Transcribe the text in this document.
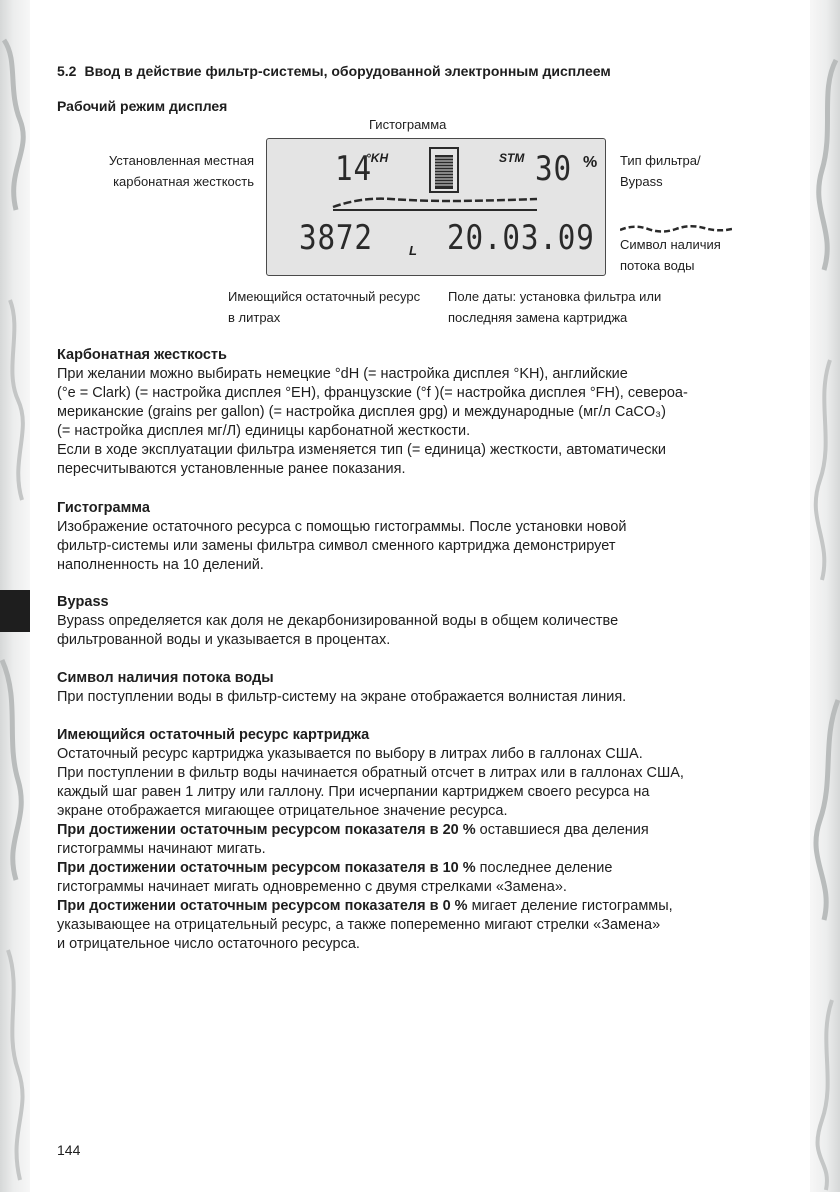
5.2 Ввод в действие фильтр-системы, оборудованной электронным дисплеем
Рабочий режим дисплея
Гистограмма
Установленная местная карбонатная жесткость
Тип фильтра/ Bypass
Символ наличия потока воды
Имеющийся остаточный ресурс в литрах
Поле даты: установка фильтра или последняя замена картриджа
14
°KH	STM 30 %
3872	L 20.03.09

Карбонатная жесткость

При желании можно выбирать немецкие °dH (= настройка дисплея °KH), английские

(°e = Clark) (= настройка дисплея °EH), французские (°f )(= настройка дисплея °FH), североа-

мериканские (grains per gallon) (= настройка дисплея gpg) и международные (мг/л CaCO₃)

(= настройка дисплея мг/Л) единицы карбонатной жесткости.

Если в ходе эксплуатации фильтра изменяется тип (= единица) жесткости, автоматически

пересчитываются установленные ранее показания.

Гистограмма

Изображение остаточного ресурса с помощью гистограммы. После установки новой

фильтр-системы или замены фильтра символ сменного картриджа демонстрирует

наполненность на 10 делений.

Bypass

Bypass определяется как доля не декарбонизированной воды в общем количестве

фильтрованной воды и указывается в процентах.

Символ наличия потока воды

При поступлении воды в фильтр-систему на экране отображается волнистая линия.

Имеющийся остаточный ресурс картриджа

Остаточный ресурс картриджа указывается по выбору в литрах либо в галлонах США.

При поступлении в фильтр воды начинается обратный отсчет в литрах или в галлонах США,

каждый шаг равен 1 литру или галлону. При исчерпании картриджем своего ресурса на

экране отображается мигающее отрицательное значение ресурса.

При достижении остаточным ресурсом показателя в 20 % оставшиеся два деления

гистограммы начинают мигать.

При достижении остаточным ресурсом показателя в 10 % последнее деление

гистограммы начинает мигать одновременно с двумя стрелками «Замена».

При достижении остаточным ресурсом показателя в 0 % мигает деление гистограммы,

указывающее на отрицательный ресурс, а также попеременно мигают стрелки «Замена»

и отрицательное число остаточного ресурса.

144
